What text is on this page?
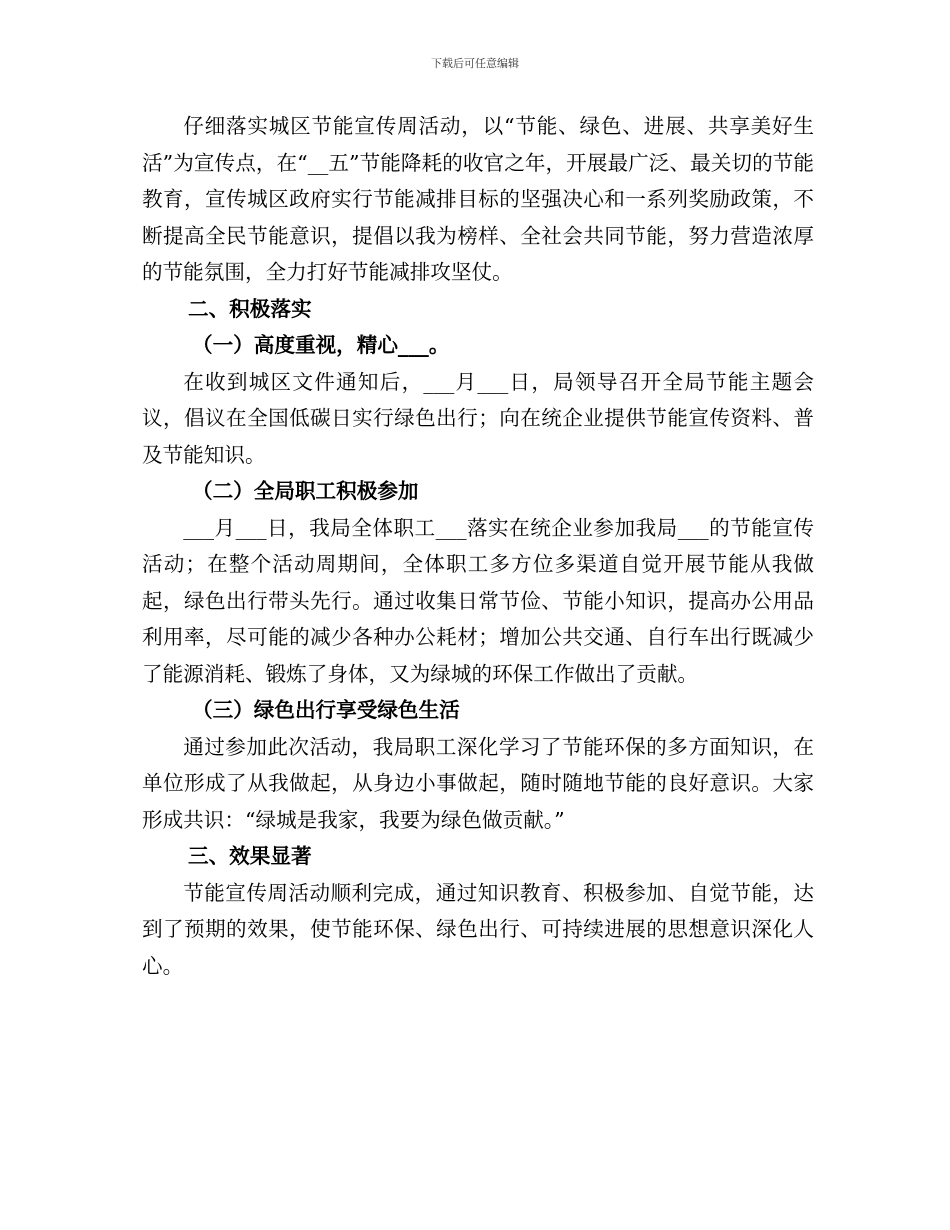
下载后可任意编辑

仔细落实城区节能宣传周活动，以“节能、绿色、进展、共享美好生活”为宣传点，在“__五”节能降耗的收官之年，开展最广泛、最关切的节能教育，宣传城区政府实行节能减排目标的坚强决心和一系列奖励政策，不断提高全民节能意识，提倡以我为榜样、全社会共同节能，努力营造浓厚的节能氛围，全力打好节能减排攻坚仗。

二、积极落实

（一）高度重视，精心___。

在收到城区文件通知后，___月___日，局领导召开全局节能主题会议，倡议在全国低碳日实行绿色出行；向在统企业提供节能宣传资料、普及节能知识。

（二）全局职工积极参加

___月___日，我局全体职工___落实在统企业参加我局___的节能宣传活动；在整个活动周期间，全体职工多方位多渠道自觉开展节能从我做起，绿色出行带头先行。通过收集日常节俭、节能小知识，提高办公用品利用率，尽可能的减少各种办公耗材；增加公共交通、自行车出行既减少了能源消耗、锻炼了身体，又为绿城的环保工作做出了贡献。

（三）绿色出行享受绿色生活

通过参加此次活动，我局职工深化学习了节能环保的多方面知识，在单位形成了从我做起，从身边小事做起，随时随地节能的良好意识。大家形成共识：“绿城是我家，我要为绿色做贡献。”

三、效果显著

节能宣传周活动顺利完成，通过知识教育、积极参加、自觉节能，达到了预期的效果，使节能环保、绿色出行、可持续进展的思想意识深化人心。
